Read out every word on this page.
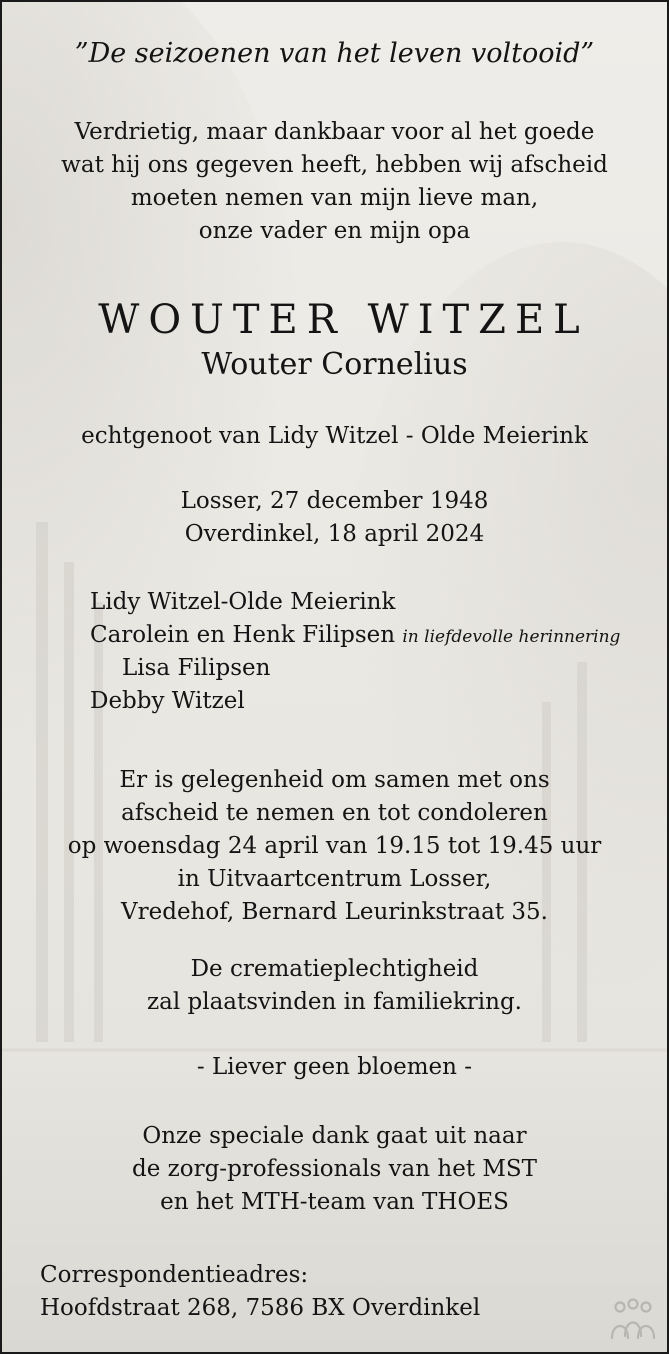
”De seizoenen van het leven voltooid”
Verdrietig, maar dankbaar voor al het goede
wat hij ons gegeven heeft, hebben wij afscheid
moeten nemen van mijn lieve man,
onze vader en mijn opa
WOUTER WITZEL
Wouter Cornelius
echtgenoot van Lidy Witzel - Olde Meierink
Losser, 27 december 1948
Overdinkel, 18 april 2024
Lidy Witzel-Olde Meierink
Carolein en Henk Filipsen in liefdevolle herinnering
Lisa Filipsen
Debby Witzel
Er is gelegenheid om samen met ons
afscheid te nemen en tot condoleren
op woensdag 24 april van 19.15 tot 19.45 uur
in Uitvaartcentrum Losser,
Vredehof, Bernard Leurinkstraat 35.
De crematieplechtigheid
zal plaatsvinden in familiekring.
- Liever geen bloemen -
Onze speciale dank gaat uit naar
de zorg-professionals van het MST
en het MTH-team van THOES
Correspondentieadres:
Hoofdstraat 268, 7586 BX Overdinkel
